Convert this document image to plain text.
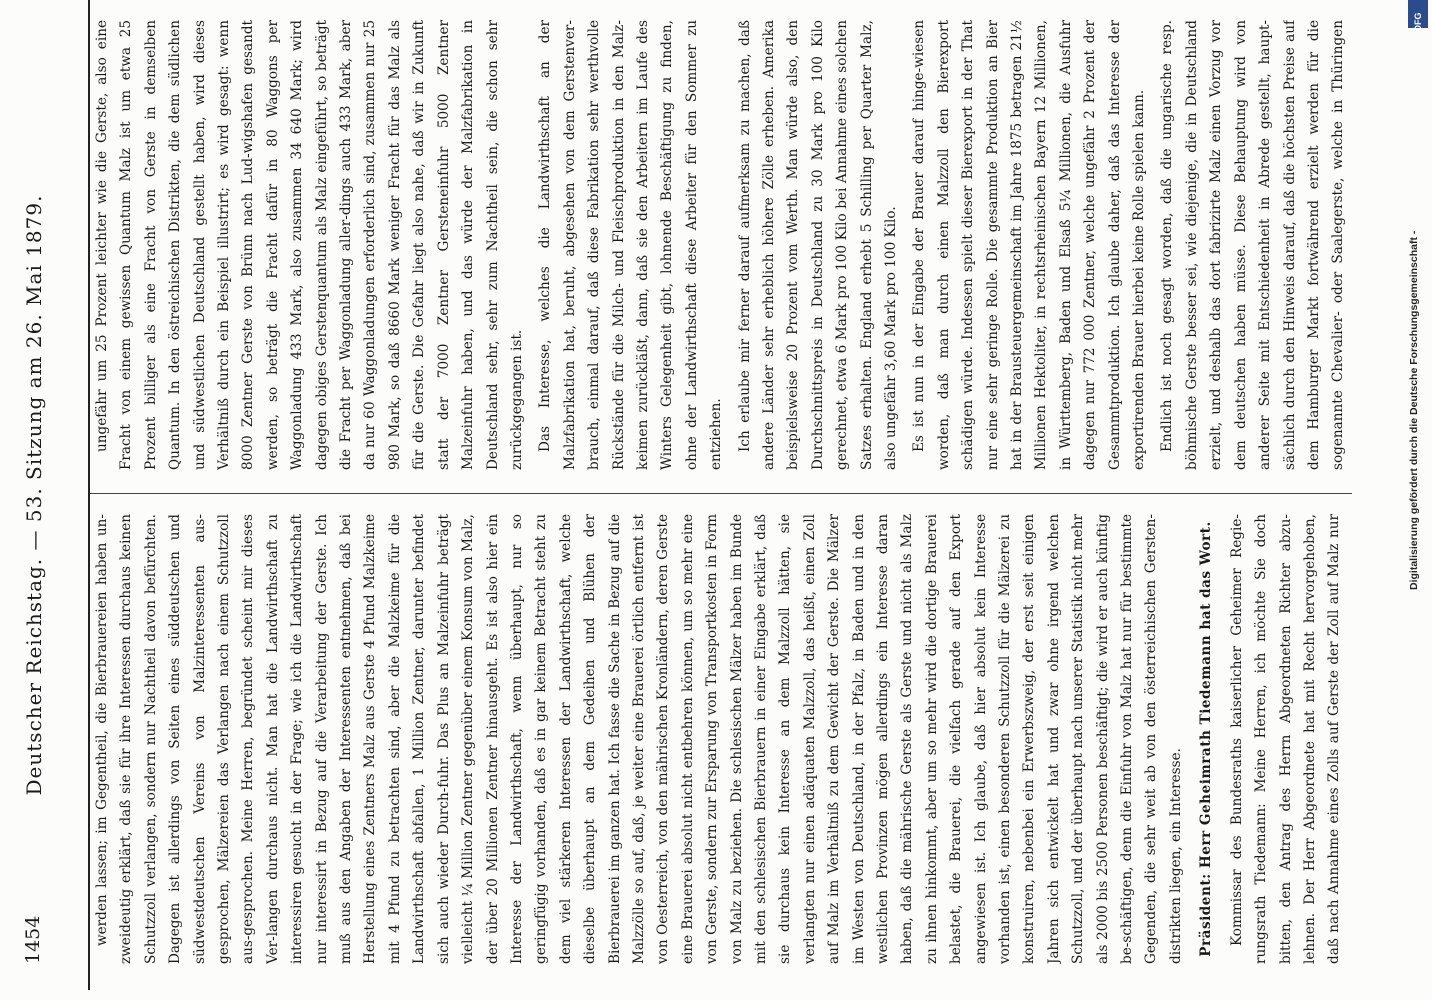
1454
Deutscher Reichstag. — 53. Sitzung am 26. Mai 1879.	werden lassen; im Gegentheil, die Bierbrauereien haben un-zweideutig erklärt, daß sie für ihre Interessen durchaus keinen Schutzzoll verlangen, sondern nur Nachtheil davon befürchten. Dagegen ist allerdings von Seiten eines süddeutschen und südwestdeutschen Vereins von Malzinteressenten aus-gesprochen, Mälzereien das Verlangen nach einem Schutzzoll aus-gesprochen. Meine Herren, begründet scheint mir dieses Ver-langen durchaus nicht. Man hat die Landwirthschaft zu interessiren gesucht in der Frage; wie ich die Landwirthschaft nur interessirt in Bezug auf die Verarbeitung der Gerste. Ich muß aus den Angaben der Interessenten entnehmen, daß bei Herstellung eines Zentners Malz aus Gerste 4 Pfund Malzkeime mit 4 Pfund zu betrachten sind, aber die Malzkeime für die Landwirthschaft abfallen, 1 Million Zentner, darunter befindet sich auch wieder Durch-fuhr. Das Plus an Malzeinfuhr beträgt vielleicht ¼ Million Zentner gegenüber einem Konsum von Malz, der über 20 Millionen Zentner hinausgeht. Es ist also hier ein Interesse der Landwirthschaft, wenn überhaupt, nur so geringfügig vorhanden, daß es in gar keinem Betracht steht zu dem viel stärkeren Interessen der Landwirthschaft, welche dieselbe überhaupt an dem Gedeihen und Blühen der Bierbrauerei im ganzen hat. Ich fasse die Sache in Bezug auf die Malzzölle so auf, daß, je weiter eine Brauerei örtlich entfernt ist von Oesterreich, von den mährischen Kronländern, deren Gerste eine Brauerei absolut nicht entbehren können, um so mehr eine von Gerste, sondern zur Ersparung von Transportkosten in Form von Malz zu beziehen. Die schlesischen Mälzer haben im Bunde mit den schlesischen Bierbrauern in einer Eingabe erklärt, daß sie durchaus kein Interesse an dem Malzzoll hätten, sie verlangten nur einen adäquaten Malzzoll, das heißt, einen Zoll auf Malz im Verhältniß zu dem Gewicht der Gerste. Die Mälzer im Westen von Deutschland, in der Pfalz, in Baden und in den westlichen Provinzen mögen allerdings ein Interesse daran haben, daß die mährische Gerste als Gerste und nicht als Malz zu ihnen hinkommt, aber um so mehr wird die dortige Brauerei belastet, die Brauerei, die vielfach gerade auf den Export angewiesen ist. Ich glaube, daß hier absolut kein Interesse vorhanden ist, einen besonderen Schutzzoll für die Mälzerei zu konstruiren, nebenbei ein Erwerbszweig, der erst seit einigen Jahren sich entwickelt hat und zwar ohne irgend welchen Schutzzoll, und der überhaupt nach unserer Statistik nicht mehr als 2000 bis 2500 Personen beschäftigt; die wird er auch künftig be-schäftigen, denn die Einfuhr von Malz hat nur für bestimmte Gegenden, die sehr weit ab von den österreichischen Gersten-distrikten liegen, ein Interesse.	Präsident: Herr Geheimrath Tiedemann hat das Wort.	Kommissar des Bundesraths kaiserlicher Geheimer Regie-rungsrath Tiedemann: Meine Herren, ich möchte Sie doch bitten, den Antrag des Herrn Abgeordneten Richter abzu-lehnen. Der Herr Abgeordnete hat mit Recht hervorgehoben, daß nach Annahme eines Zolls auf Gerste der Zoll auf Malz nur

ungefähr um 25 Prozent leichter wie die Gerste, also eine Fracht von einem gewissen Quantum Malz ist um etwa 25 Prozent billiger als eine Fracht von Gerste in demselben Quantum. In den östreichischen Distrikten, die dem südlichen und südwestlichen Deutschland gestellt haben, wird dieses Verhältniß durch ein Beispiel illustrirt; es wird gesagt: wenn 8000 Zentner Gerste von Brünn nach Lud-wigshafen gesandt werden, so beträgt die Fracht dafür in 80 Waggons per Waggonladung 433 Mark, also zusammen 34 640 Mark; wird dagegen obiges Gerstenquantum als Malz eingeführt, so beträgt die Fracht per Waggonladung aller-dings auch 433 Mark, aber da nur 60 Waggonladungen erforderlich sind, zusammen nur 25 980 Mark, so daß 8660 Mark weniger Fracht für das Malz als für die Gerste. Die Gefahr liegt also nahe, daß wir in Zukunft statt der 7000 Zentner Gersteneinfuhr 5000 Zentner Malzeinfuhr haben, und das würde der Malzfabrikation in Deutschland sehr, sehr zum Nachtheil sein, die schon sehr zurückgegangen ist. Das Interesse, welches die Landwirthschaft an der Malzfabrikation hat, beruht, abgesehen von dem Gerstenver-brauch, einmal darauf, daß diese Fabrikation sehr werthvolle Rückstände für die Milch- und Fleischproduktion in den Malz-keimen zurückläßt, dann, daß sie den Arbeitern im Laufe des Winters Gelegenheit gibt, lohnende Beschäftigung zu finden, ohne der Landwirthschaft diese Arbeiter für den Sommer zu entziehen. Ich erlaube mir ferner darauf aufmerksam zu machen, daß andere Länder sehr erheblich höhere Zölle erheben. Amerika beispielsweise 20 Prozent vom Werth. Man würde also, den Durchschnittspreis in Deutschland zu 30 Mark pro 100 Kilo gerechnet, etwa 6 Mark pro 100 Kilo bei Annahme eines solchen Satzes erhalten. England erhebt 5 Schilling per Quarter Malz, also ungefähr 3,60 Mark pro 100 Kilo. Es ist nun in der Eingabe der Brauer darauf hinge-wiesen worden, daß man durch einen Malzzoll den Bierexport schädigen würde. Indessen spielt dieser Bierexport in der That nur eine sehr geringe Rolle. Die gesammte Produktion an Bier hat in der Brausteuergemeinschaft im Jahre 1875 betragen 21½ Millionen Hektoliter, in rechtsrheinischen Bayern 12 Millionen, in Württemberg, Baden und Elsaß 5¼ Millionen, die Ausfuhr dagegen nur 772 000 Zentner, welche ungefähr 2 Prozent der Gesammtproduktion. Ich glaube daher, daß das Interesse der exportirenden Brauer hierbei keine Rolle spielen kann. Endlich ist noch gesagt worden, daß die ungarische resp. böhmische Gerste besser sei, wie diejenige, die in Deutschland erzielt, und deshalb das dort fabrizirte Malz einen Vorzug vor dem deutschen haben müsse. Diese Behauptung wird von anderer Seite mit Entschiedenheit in Abrede gestellt, haupt-sächlich durch den Hinweis darauf, daß die höchsten Preise auf dem Hamburger Markt fortwährend erzielt werden für die sogenannte Chevalier- oder Saalegerste, welche in Thüringen	DFG
Digitalisierung gefördert durch die Deutsche Forschungsgemeinschaft -
